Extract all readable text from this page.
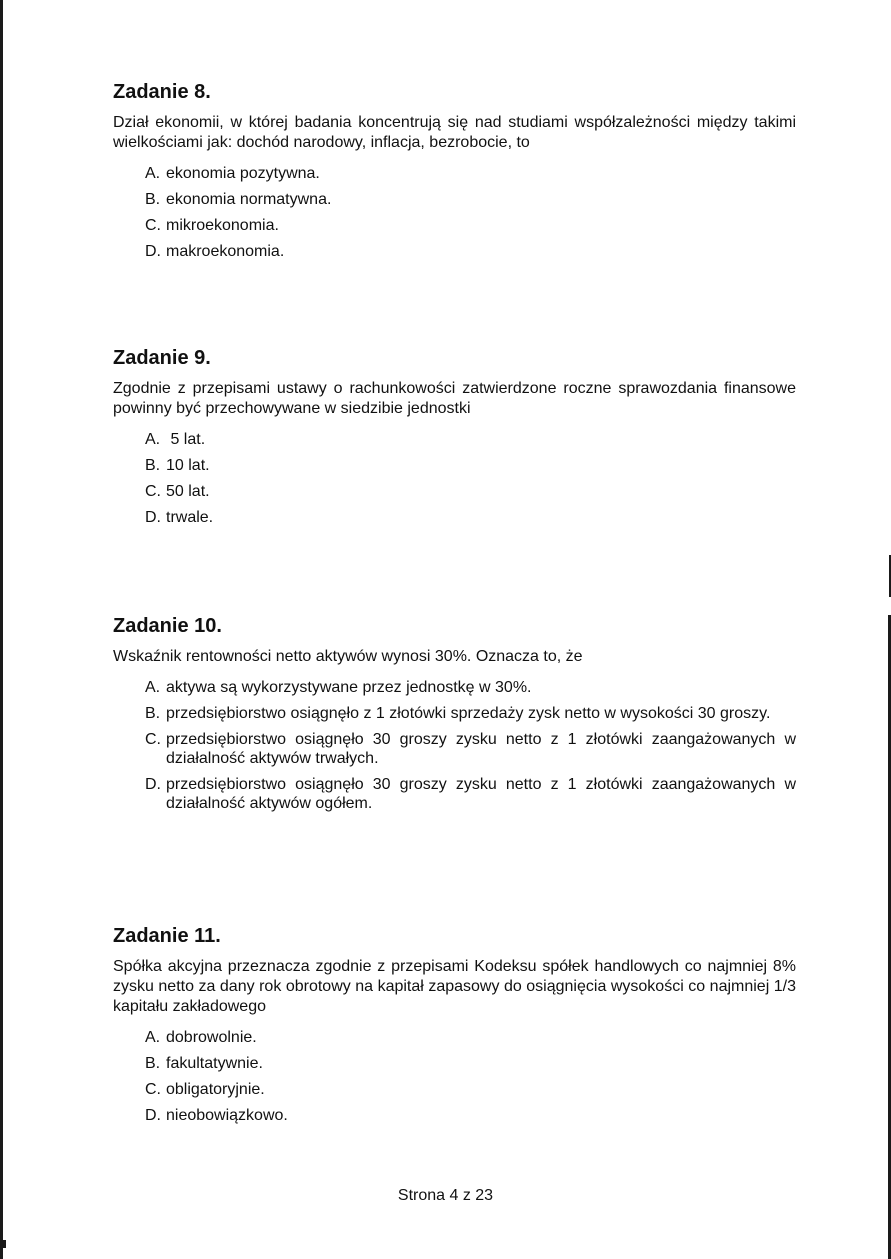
Zadanie 8.

Dział ekonomii, w której badania koncentrują się nad studiami współzależności między takimi wielkościami jak: dochód narodowy, inflacja, bezrobocie, to

A. ekonomia pozytywna.
B. ekonomia normatywna.
C. mikroekonomia.
D. makroekonomia.
Zadanie 9.

Zgodnie z przepisami ustawy o rachunkowości zatwierdzone roczne sprawozdania finansowe powinny być przechowywane w siedzibie jednostki

A. 5 lat.
B. 10 lat.
C. 50 lat.
D. trwale.
Zadanie 10.

Wskaźnik rentowności netto aktywów wynosi 30%. Oznacza to, że

A. aktywa są wykorzystywane przez jednostkę w 30%.
B. przedsiębiorstwo osiągnęło z 1 złotówki sprzedaży zysk netto w wysokości 30 groszy.
C. przedsiębiorstwo osiągnęło 30 groszy zysku netto z 1 złotówki zaangażowanych w działalność aktywów trwałych.
D. przedsiębiorstwo osiągnęło 30 groszy zysku netto z 1 złotówki zaangażowanych w działalność aktywów ogółem.
Zadanie 11.

Spółka akcyjna przeznacza zgodnie z przepisami Kodeksu spółek handlowych co najmniej 8% zysku netto za dany rok obrotowy na kapitał zapasowy do osiągnięcia wysokości co najmniej 1/3 kapitału zakładowego

A. dobrowolnie.
B. fakultatywnie.
C. obligatoryjnie.
D. nieobowiązkowo.
Strona 4 z 23
